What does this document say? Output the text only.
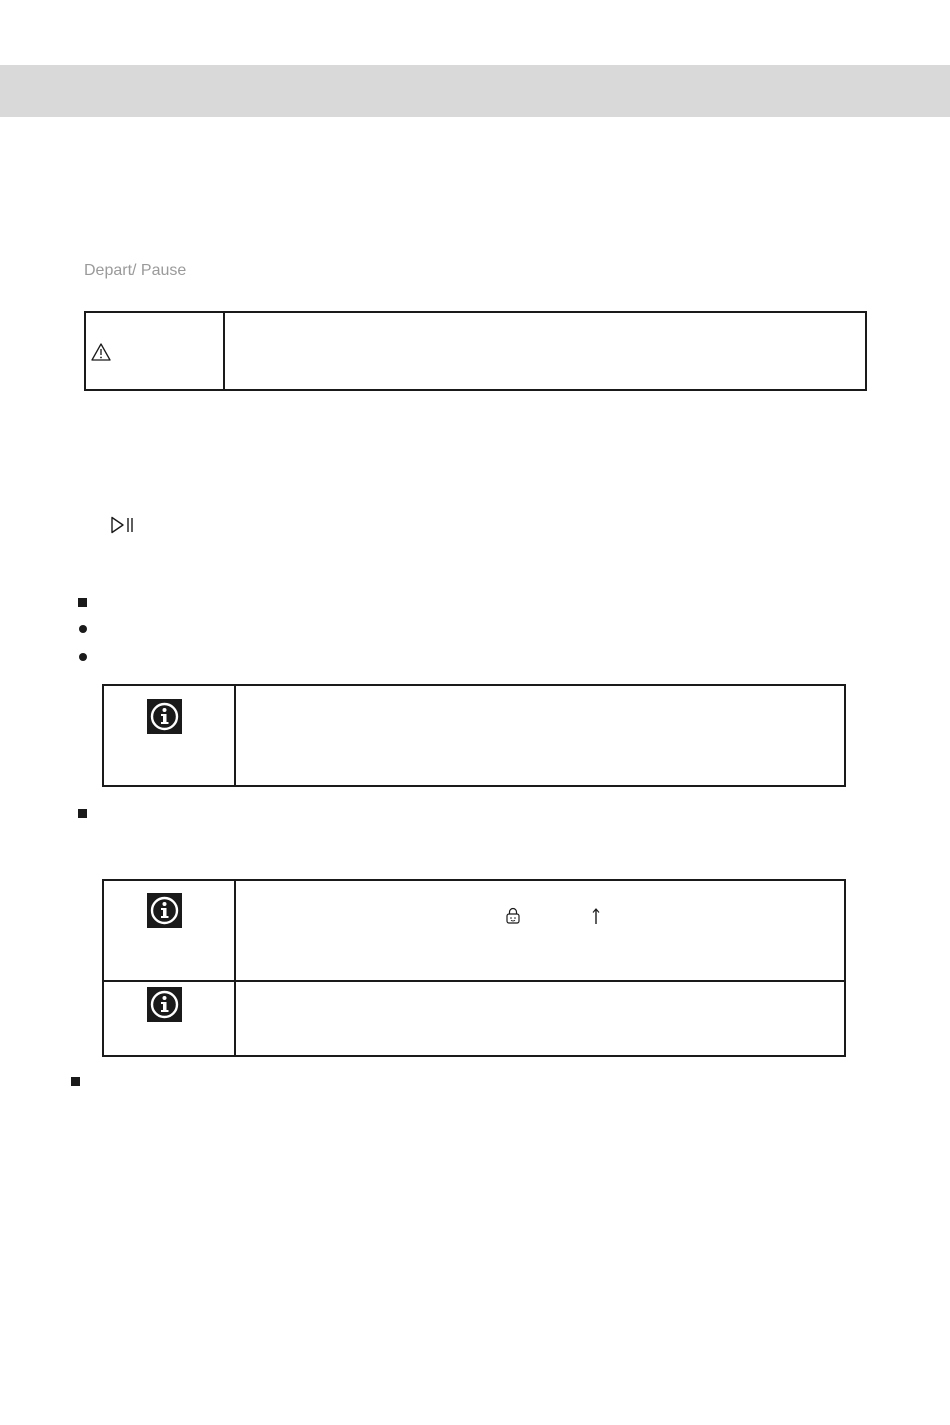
Depart/ Pause
